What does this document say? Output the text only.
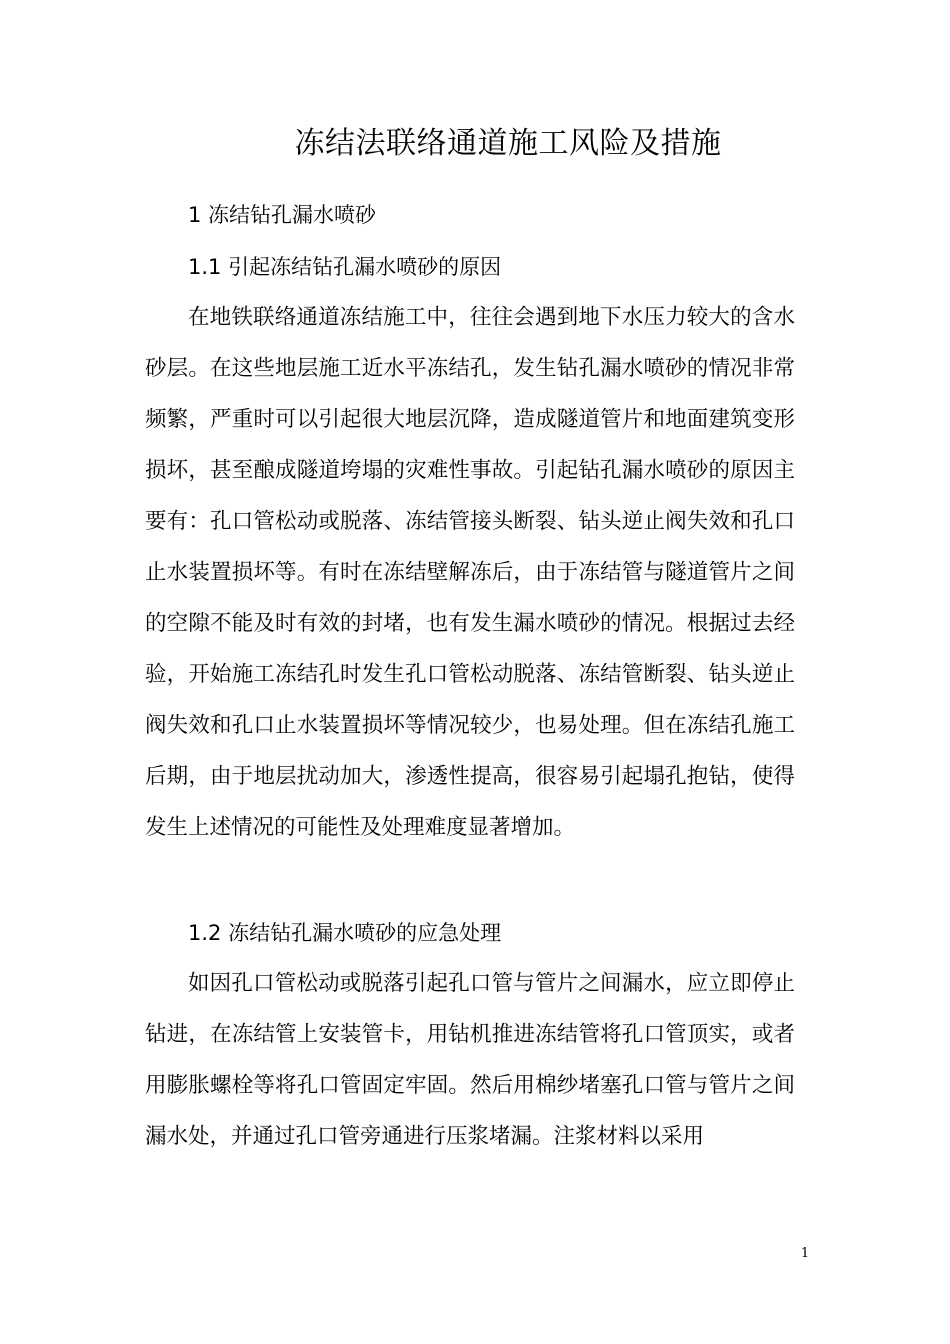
冻结法联络通道施工风险及措施
1 冻结钻孔漏水喷砂
1.1 引起冻结钻孔漏水喷砂的原因

在地铁联络通道冻结施工中，往往会遇到地下水压力较大的含水砂层。在这些地层施工近水平冻结孔，发生钻孔漏水喷砂的情况非常频繁，严重时可以引起很大地层沉降，造成隧道管片和地面建筑变形损坏，甚至酿成隧道垮塌的灾难性事故。引起钻孔漏水喷砂的原因主要有：孔口管松动或脱落、冻结管接头断裂、钻头逆止阀失效和孔口止水装置损坏等。有时在冻结壁解冻后，由于冻结管与隧道管片之间的空隙不能及时有效的封堵，也有发生漏水喷砂的情况。根据过去经验，开始施工冻结孔时发生孔口管松动脱落、冻结管断裂、钻头逆止阀失效和孔口止水装置损坏等情况较少，也易处理。但在冻结孔施工后期，由于地层扰动加大，渗透性提高，很容易引起塌孔抱钻，使得发生上述情况的可能性及处理难度显著增加。

1.2 冻结钻孔漏水喷砂的应急处理

如因孔口管松动或脱落引起孔口管与管片之间漏水，应立即停止钻进，在冻结管上安装管卡，用钻机推进冻结管将孔口管顶实，或者用膨胀螺栓等将孔口管固定牢固。然后用棉纱堵塞孔口管与管片之间漏水处，并通过孔口管旁通进行压浆堵漏。注浆材料以采用

1
